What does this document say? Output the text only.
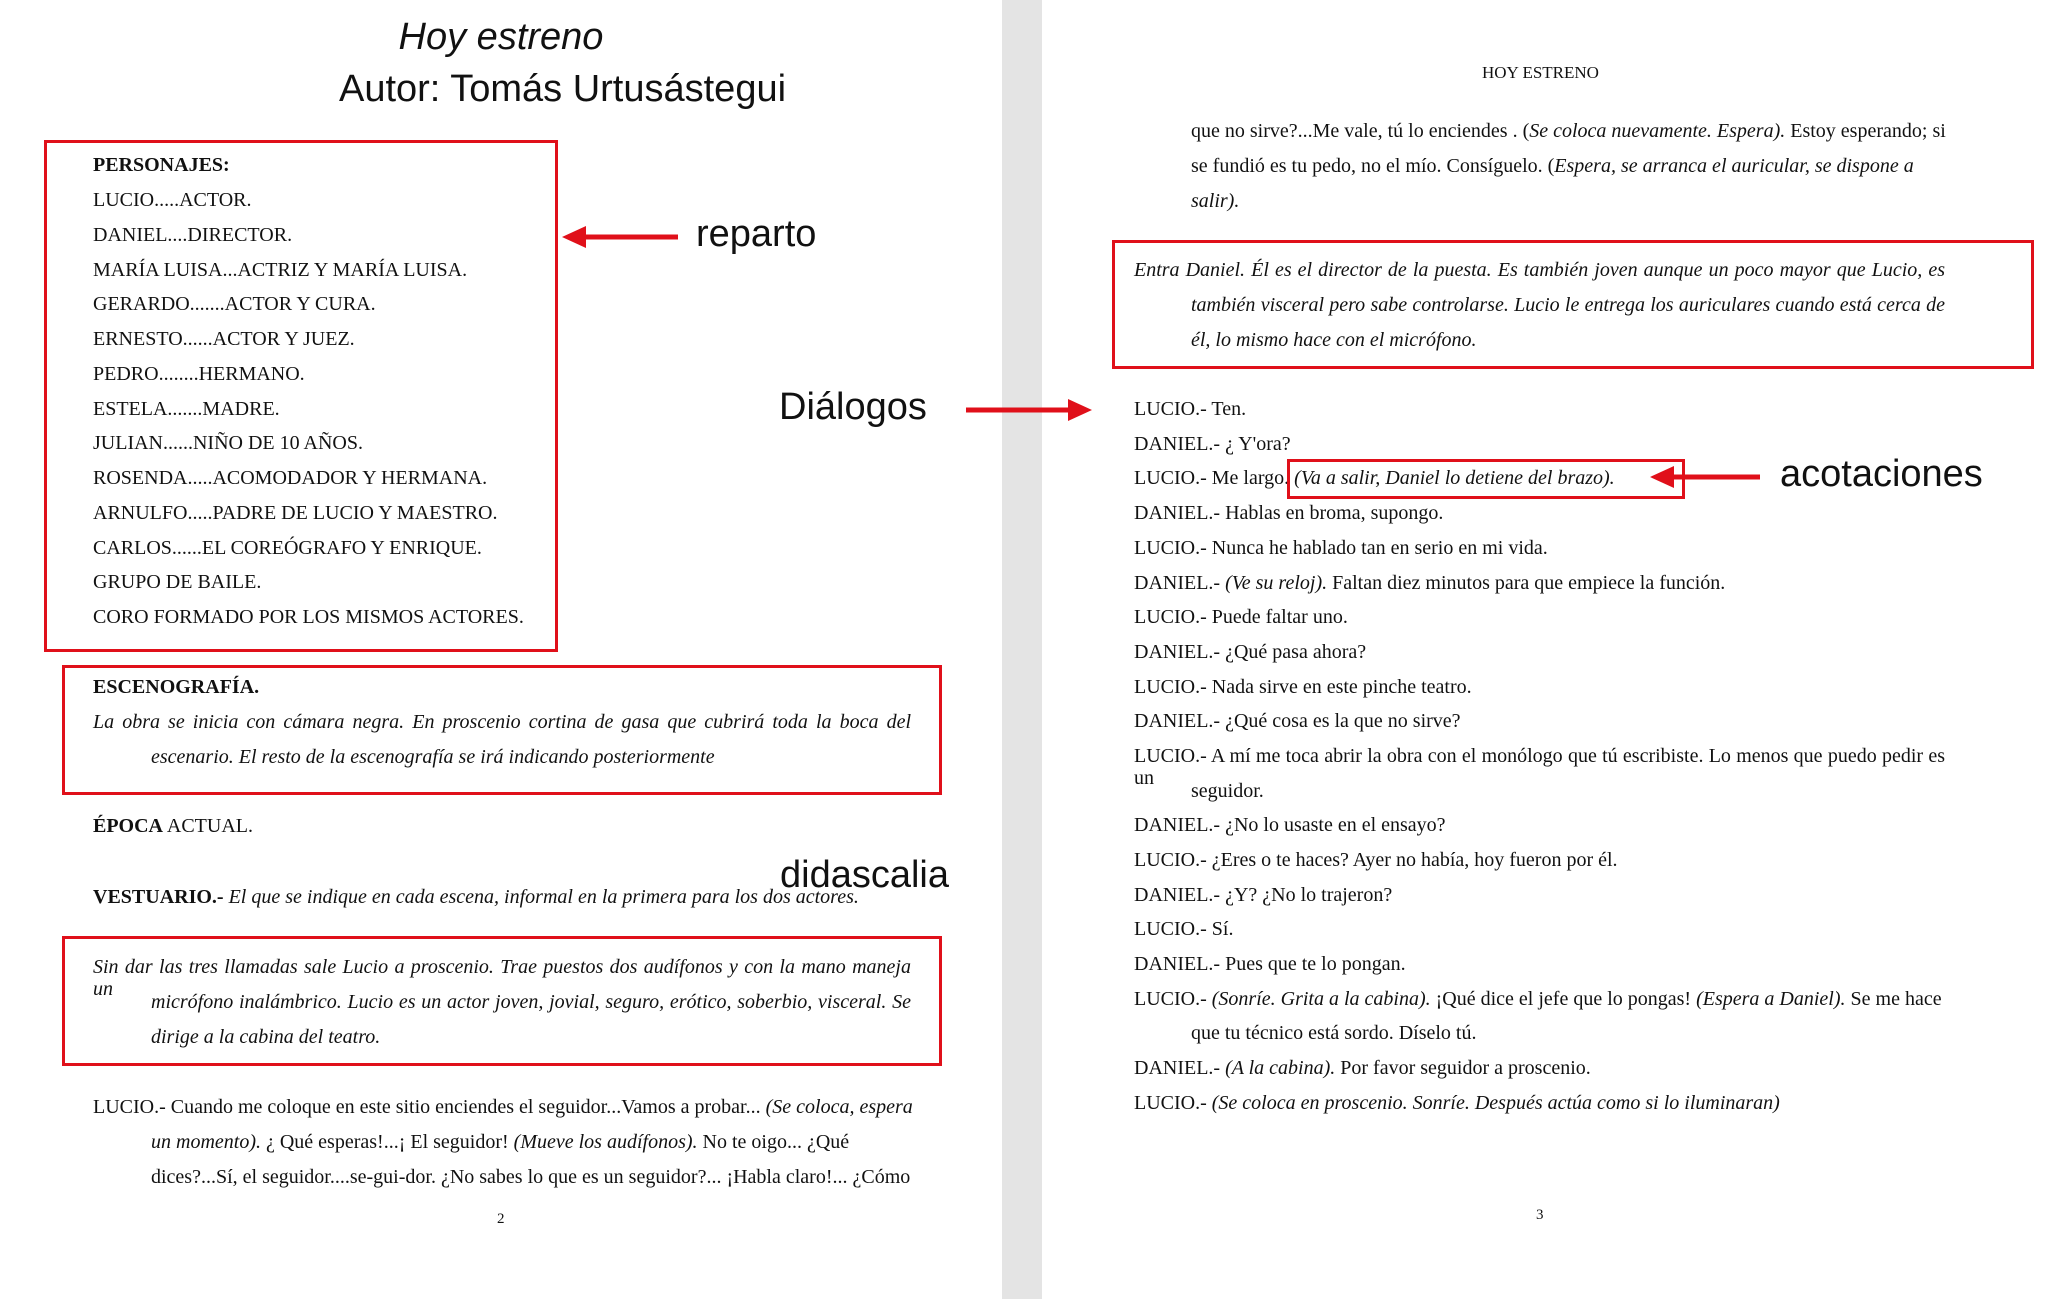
Hoy estreno
Autor: Tomás Urtusástegui
PERSONAJES:
LUCIO.....ACTOR.
DANIEL....DIRECTOR.
MARÍA LUISA...ACTRIZ Y MARÍA LUISA.
GERARDO.......ACTOR Y CURA.
ERNESTO......ACTOR Y JUEZ.
PEDRO........HERMANO.
ESTELA.......MADRE.
JULIAN......NIÑO DE 10 AÑOS.
ROSENDA.....ACOMODADOR Y HERMANA.
ARNULFO.....PADRE DE LUCIO Y MAESTRO.
CARLOS......EL COREÓGRAFO Y ENRIQUE.
GRUPO DE BAILE.
CORO FORMADO POR LOS MISMOS ACTORES.
ESCENOGRAFÍA.
La obra se inicia con cámara negra. En proscenio cortina de gasa que cubrirá toda la boca del
escenario. El resto de la escenografía se irá indicando posteriormente
ÉPOCA ACTUAL.
VESTUARIO.- El que se indique en cada escena, informal en la primera para los dos actores.
Sin dar las tres llamadas sale Lucio a proscenio. Trae puestos dos audífonos y con la mano maneja un
micrófono inalámbrico. Lucio es un actor joven, jovial, seguro, erótico, soberbio, visceral. Se
dirige a la cabina del teatro.
LUCIO.- Cuando me coloque en este sitio enciendes el seguidor...Vamos a probar... (Se coloca, espera
un momento). ¿ Qué esperas!...¡ El seguidor! (Mueve los audífonos). No te oigo... ¿Qué
dices?...Sí, el seguidor....se-gui-dor. ¿No sabes lo que es un seguidor?... ¡Habla claro!... ¿Cómo
2
HOY ESTRENO
que no sirve?...Me vale, tú lo enciendes . (Se coloca nuevamente. Espera). Estoy esperando; si
se fundió es tu pedo, no el mío. Consíguelo. (Espera, se arranca el auricular, se dispone a
salir).
Entra Daniel. Él es el director de la puesta. Es también joven aunque un poco mayor que Lucio, es
también visceral pero sabe controlarse. Lucio le entrega los auriculares cuando está cerca de
él, lo mismo hace con el micrófono.
LUCIO.- Ten.
DANIEL.- ¿ Y'ora?
LUCIO.- Me largo. (Va a salir, Daniel lo detiene del brazo).
DANIEL.- Hablas en broma, supongo.
LUCIO.- Nunca he hablado tan en serio en mi vida.
DANIEL.- (Ve su reloj). Faltan diez minutos para que empiece la función.
LUCIO.- Puede faltar uno.
DANIEL.- ¿Qué pasa ahora?
LUCIO.- Nada sirve en este pinche teatro.
DANIEL.- ¿Qué cosa es la que no sirve?
LUCIO.- A mí me toca abrir la obra con el monólogo que tú escribiste. Lo menos que puedo pedir es un
seguidor.
DANIEL.- ¿No lo usaste en el ensayo?
LUCIO.- ¿Eres o te haces? Ayer no había, hoy fueron por él.
DANIEL.- ¿Y? ¿No lo trajeron?
LUCIO.- Sí.
DANIEL.- Pues que te lo pongan.
LUCIO.- (Sonríe. Grita a la cabina). ¡Qué dice el jefe que lo pongas! (Espera a Daniel). Se me hace
que tu técnico está sordo. Díselo tú.
DANIEL.- (A la cabina). Por favor seguidor a proscenio.
LUCIO.- (Se coloca en proscenio. Sonríe. Después actúa como si lo iluminaran)
3
reparto
Diálogos
acotaciones
didascalia
